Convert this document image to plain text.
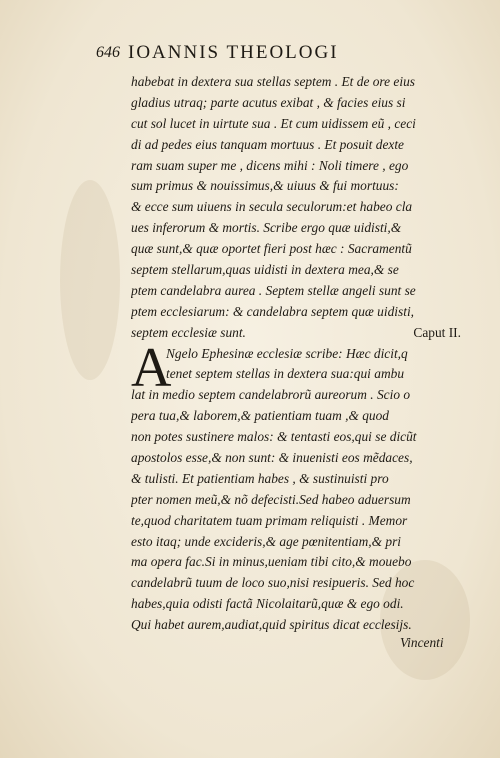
646 IOANNIS THEOLOGI
habebat in dextera sua stellas septem . Et de ore eius
gladius utraq; parte acutus exibat , & facies eius si
cut sol lucet in uirtute sua . Et cum uidissem eũ , ceci
di ad pedes eius tanquam mortuus . Et posuit dexte
ram suam super me , dicens mihi : Noli timere , ego
sum primus & nouissimus,& uiuus & fui mortuus:
& ecce sum uiuens in secula seculorum:et habeo cla
ues inferorum & mortis. Scribe ergo quæ uidisti,&
quæ sunt,& quæ oportet fieri post hæc : Sacramentũ
septem stellarum,quas uidisti in dextera mea,& se
ptem candelabra aurea . Septem stellæ angeli sunt se
ptem ecclesiarum: & candelabra septem quæ uidisti,
septem ecclesiæ sunt.	Caput II.
Ngelo Ephesinæ ecclesiæ scribe: Hæc dicit,q
tenet septem stellas in dextera sua:qui ambu
lat in medio septem candelabrorũ aureorum . Scio o
pera tua,& laborem,& patientiam tuam ,& quod
non potes sustinere malos: & tentasti eos,qui se dicũt
apostolos esse,& non sunt: & inuenisti eos mẽdaces,
& tulisti. Et patientiam habes , & sustinuisti pro
pter nomen meũ,& nõ defecisti.Sed habeo aduersum
te,quod charitatem tuam primam reliquisti . Memor
esto itaq; unde excideris,& age pœnitentiam,& pri
ma opera fac.Si in minus,ueniam tibi cito,& mouebo
candelabrũ tuum de loco suo,nisi resipueris. Sed hoc
habes,quia odisti factã Nicolaitarũ,quæ & ego odi.
Qui habet aurem,audiat,quid spiritus dicat ecclesijs.
A
Vincenti
